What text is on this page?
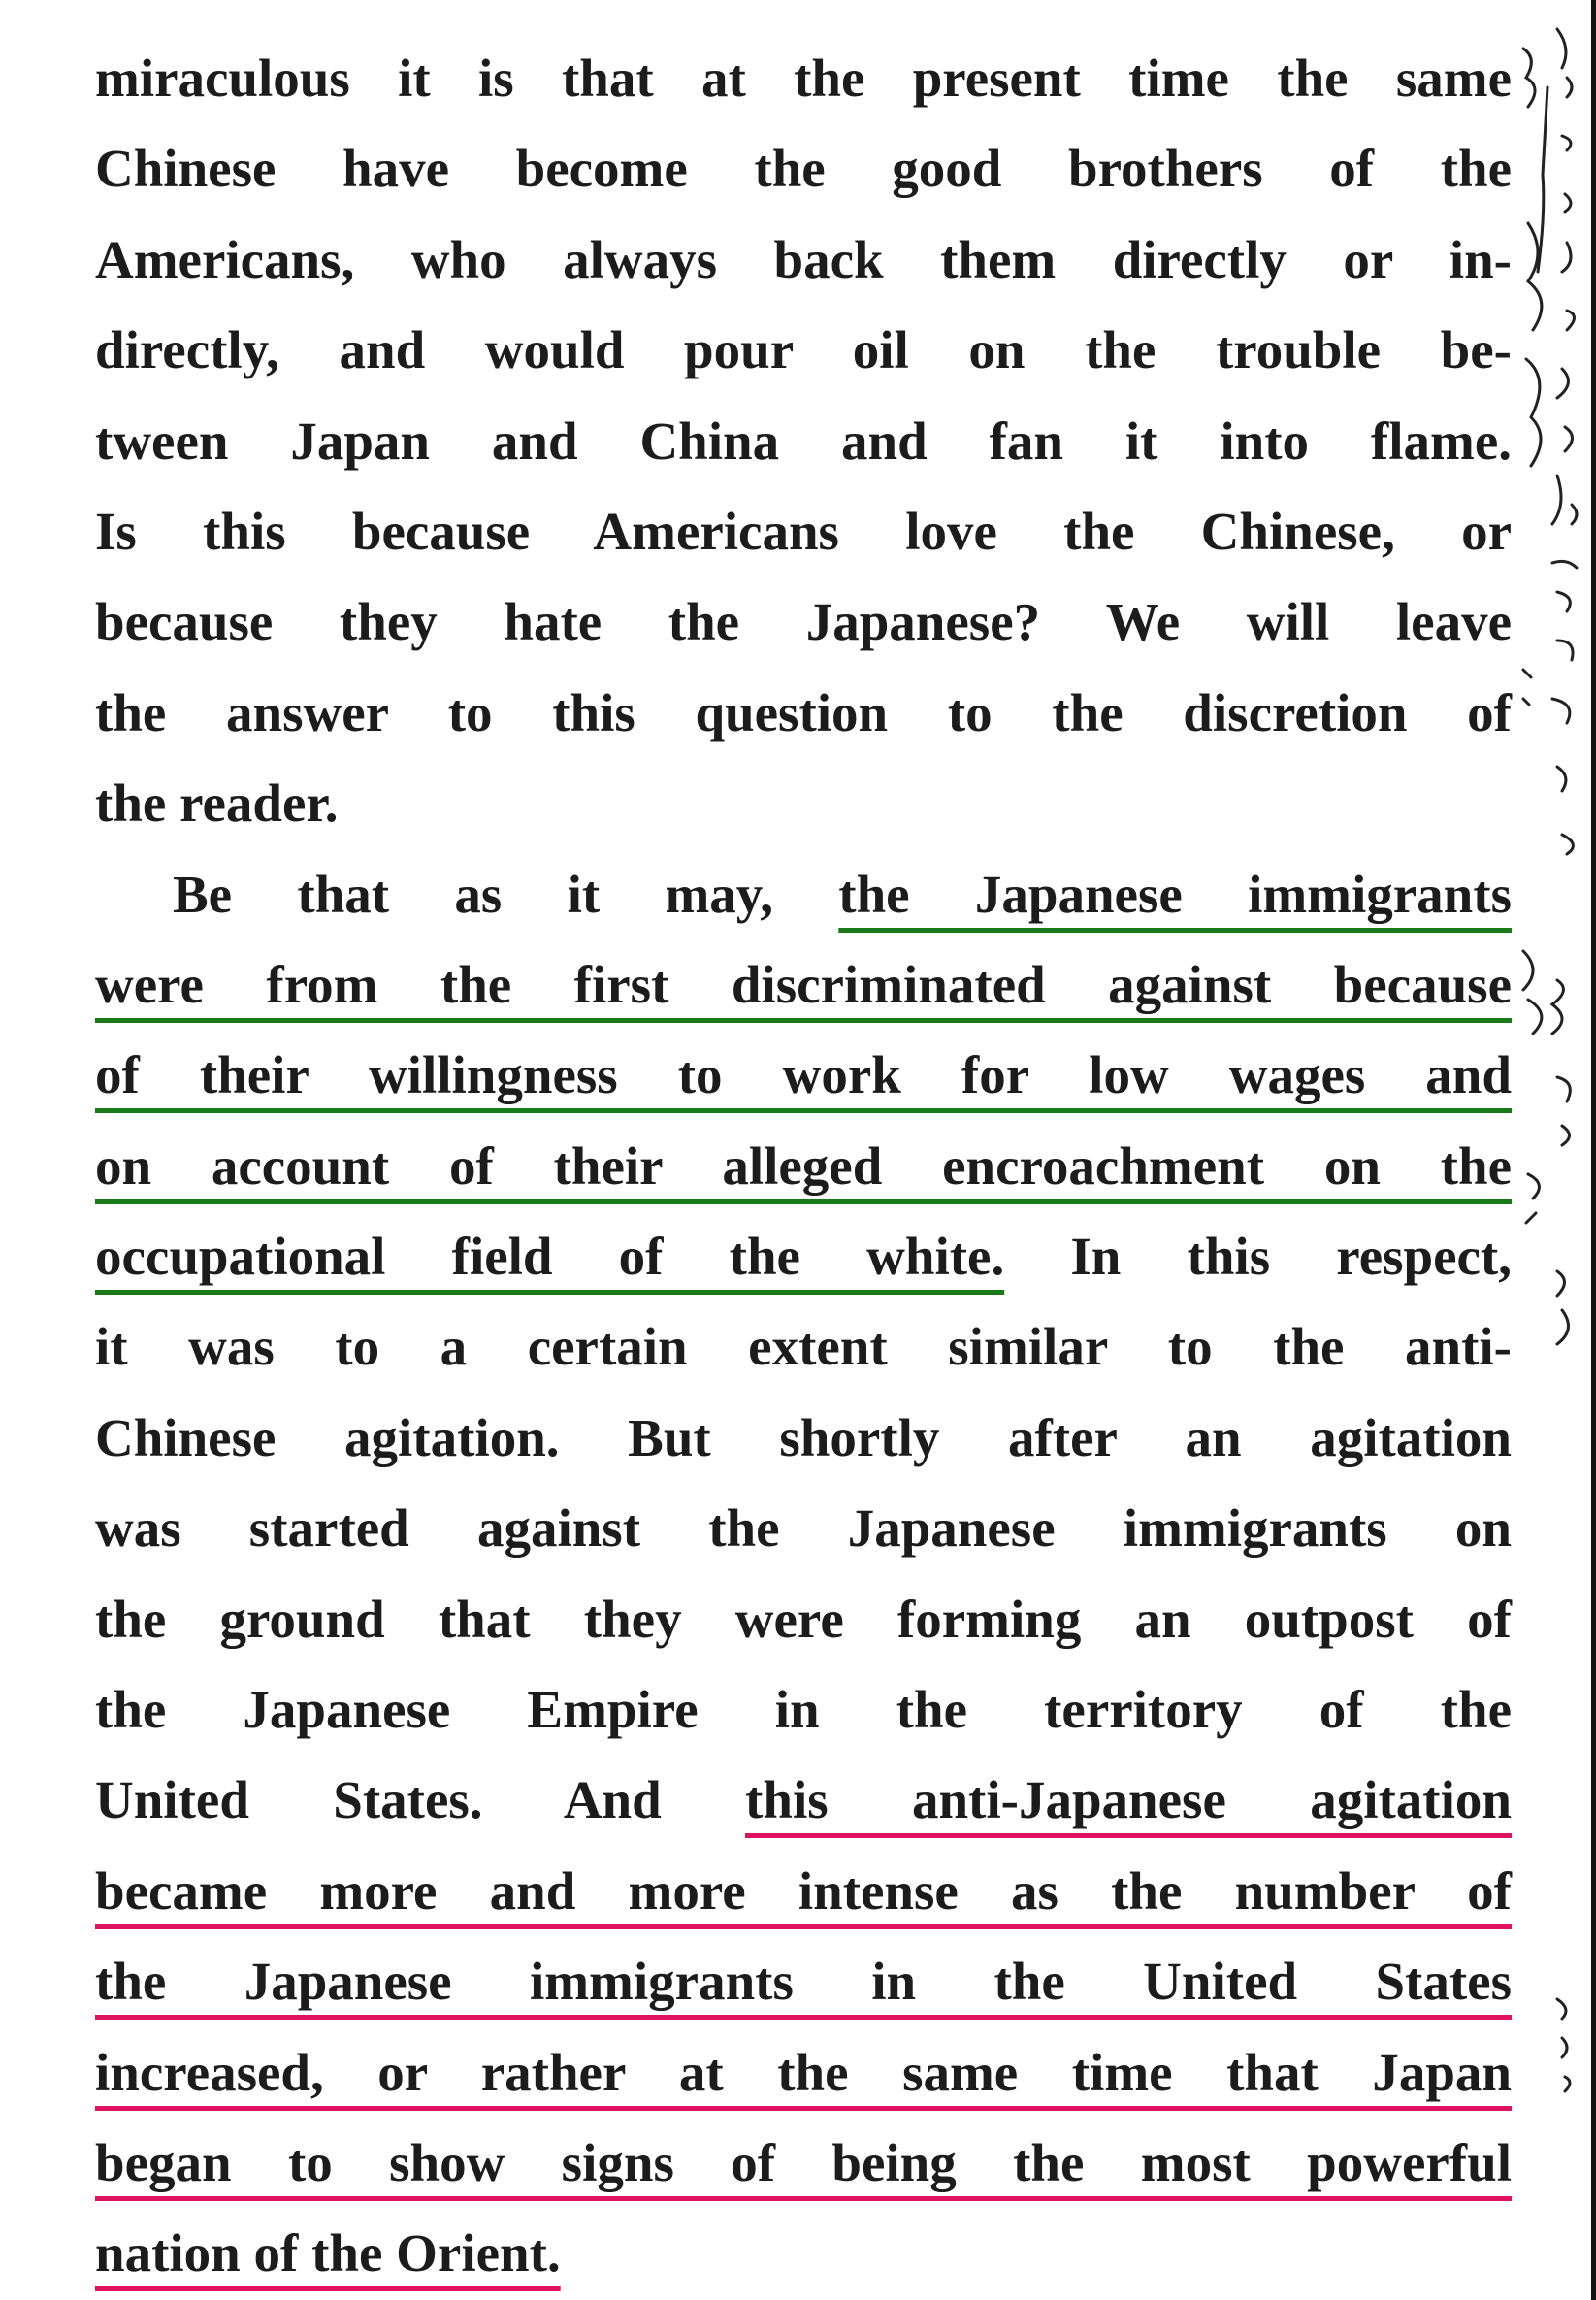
miraculous it is that at the present time the same
Chinese have become the good brothers of the
Americans, who always back them directly or in-
directly, and would pour oil on the trouble be-
tween Japan and China and fan it into flame.
Is this because Americans love the Chinese, or
because they hate the Japanese? We will leave
the answer to this question to the discretion of
the reader.
Be that as it may, the Japanese immigrants
were from the first discriminated against because
of their willingness to work for low wages and
on account of their alleged encroachment on the
occupational field of the white. In this respect,
it was to a certain extent similar to the anti-
Chinese agitation. But shortly after an agitation
was started against the Japanese immigrants on
the ground that they were forming an outpost of
the Japanese Empire in the territory of the
United States. And this anti-Japanese agitation
became more and more intense as the number of
the Japanese immigrants in the United States
increased, or rather at the same time that Japan
began to show signs of being the most powerful
nation of the Orient.
